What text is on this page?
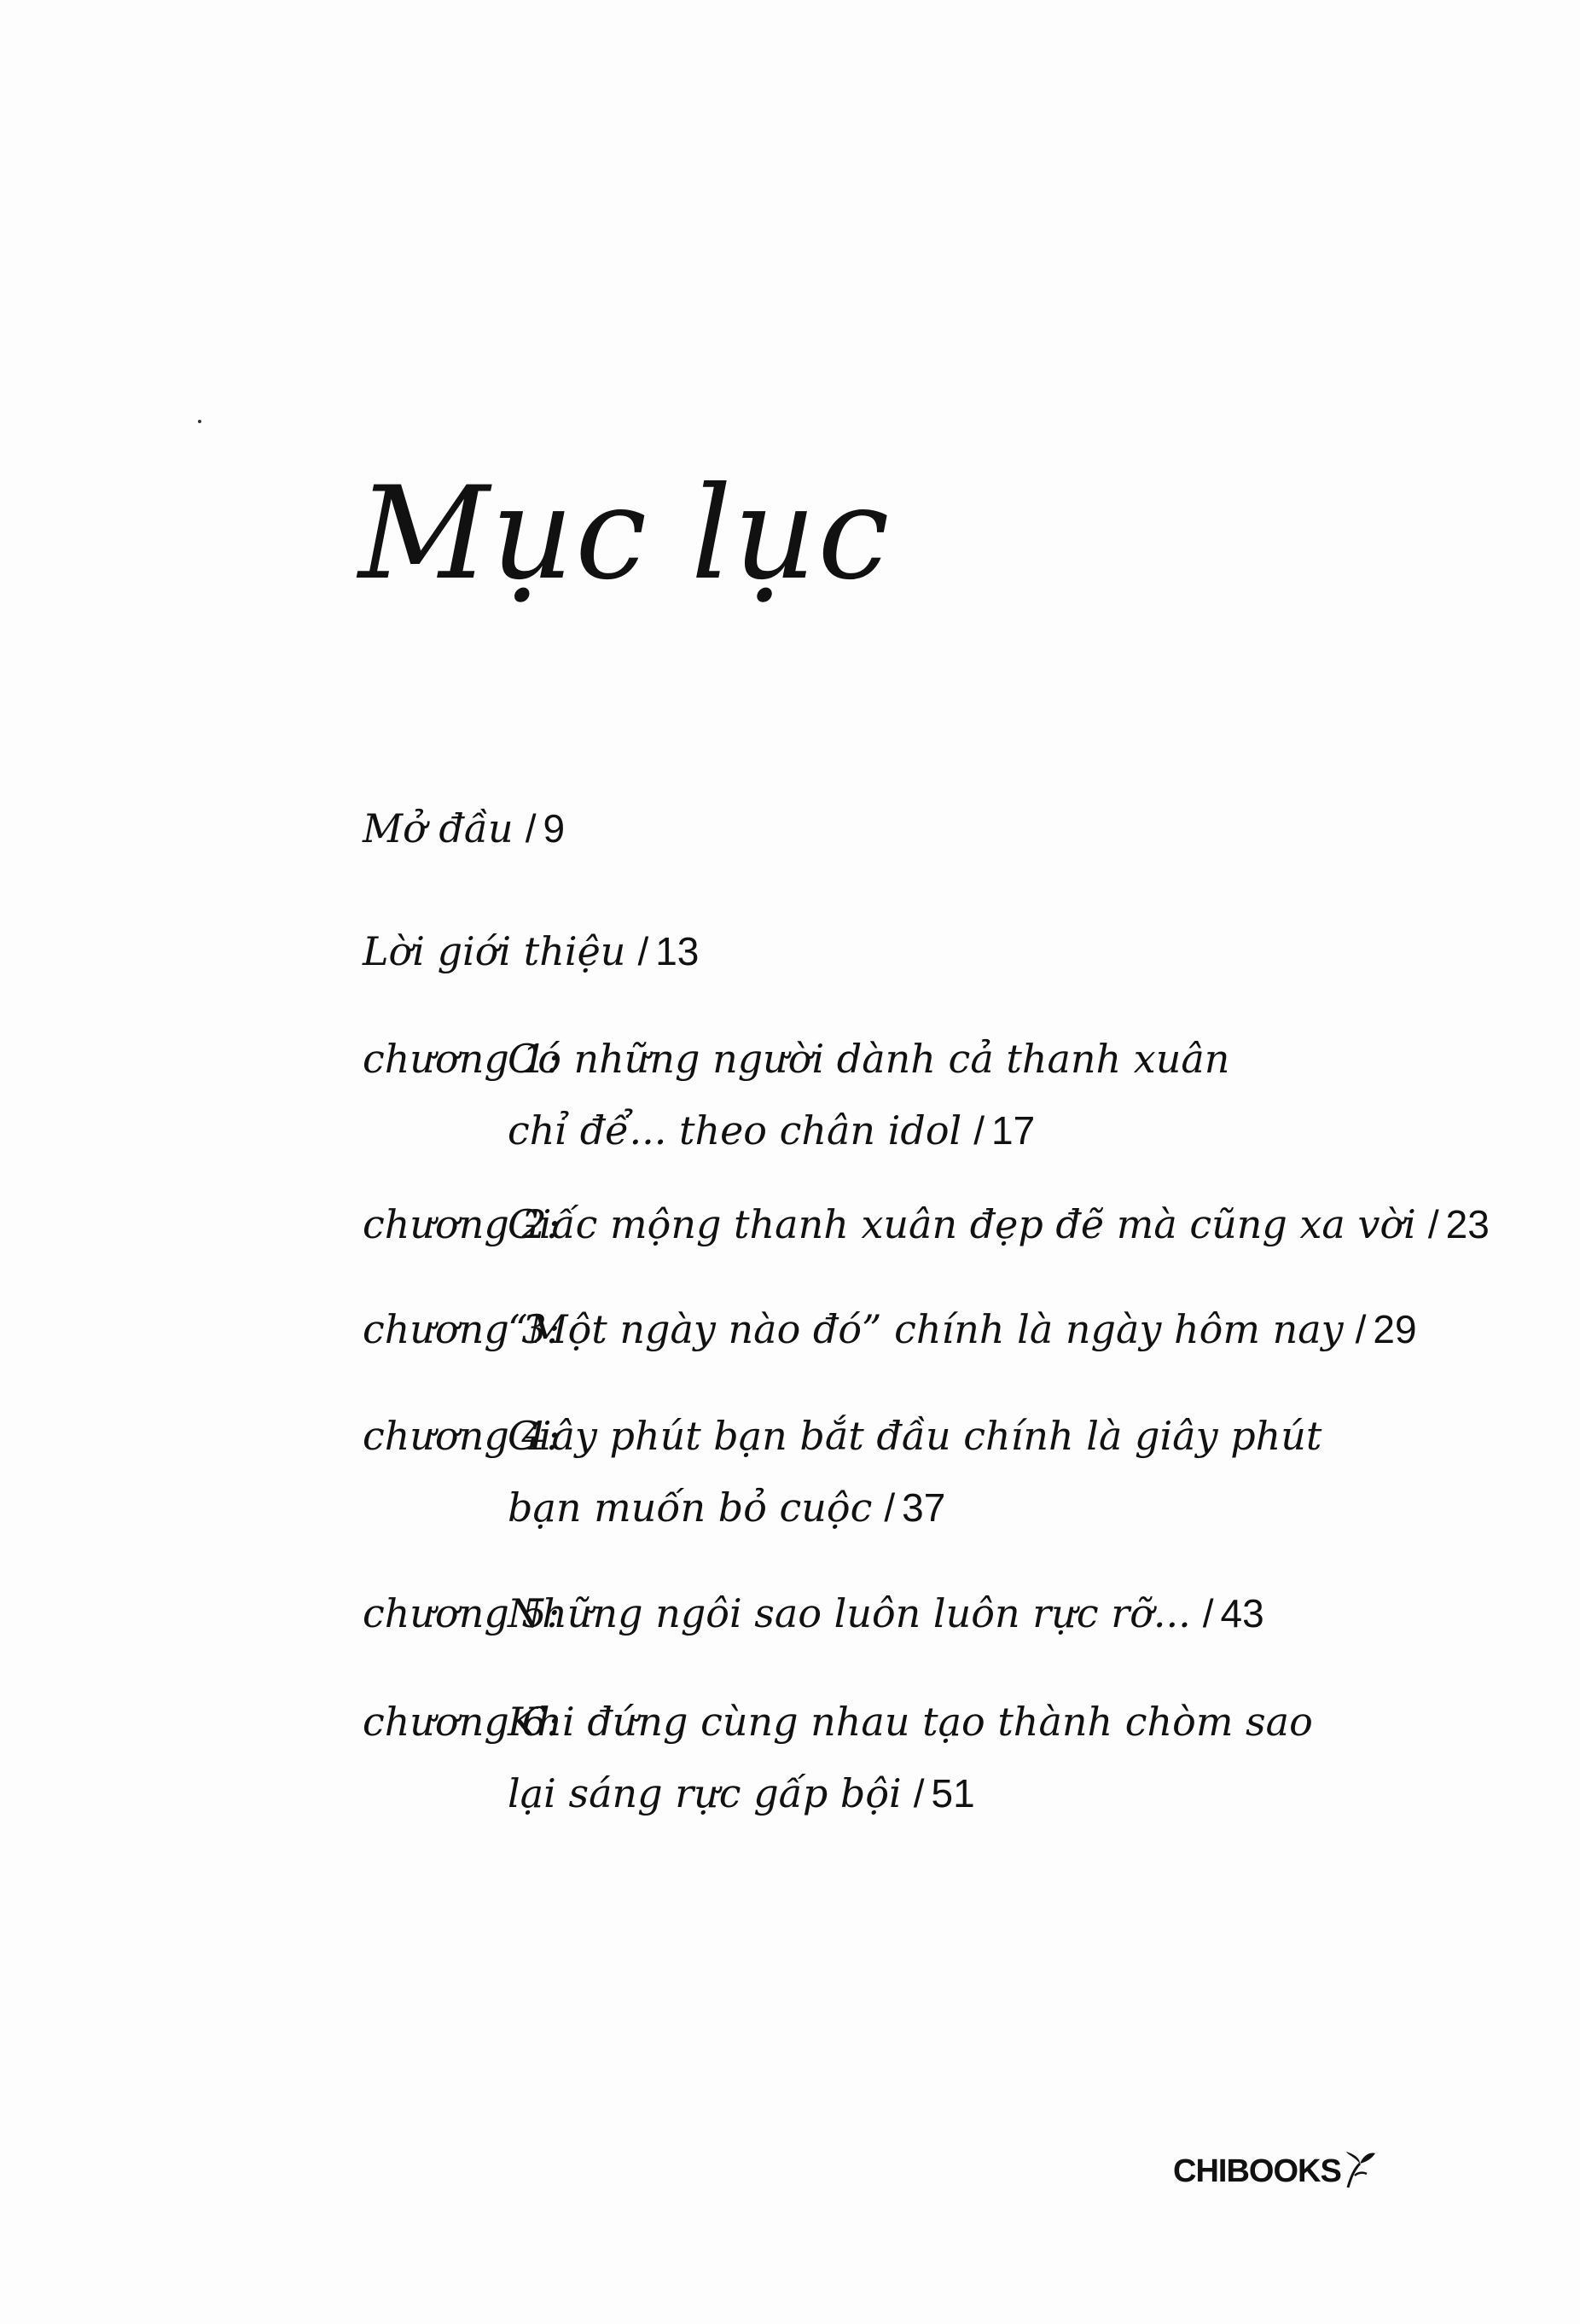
Mục lục
Mở đầu / 9
Lời giới thiệu / 13
chương 1:
Có những người dành cả thanh xuân
chỉ để... theo chân idol / 17
chương 2:
Giấc mộng thanh xuân đẹp đẽ mà cũng xa vời / 23
chương 3:
“Một ngày nào đó” chính là ngày hôm nay / 29
chương 4:
Giây phút bạn bắt đầu chính là giây phút
bạn muốn bỏ cuộc / 37
chương 5:
Những ngôi sao luôn luôn rực rỡ... / 43
chương 6:
Khi đứng cùng nhau tạo thành chòm sao
lại sáng rực gấp bội / 51
CHIBOOKS
